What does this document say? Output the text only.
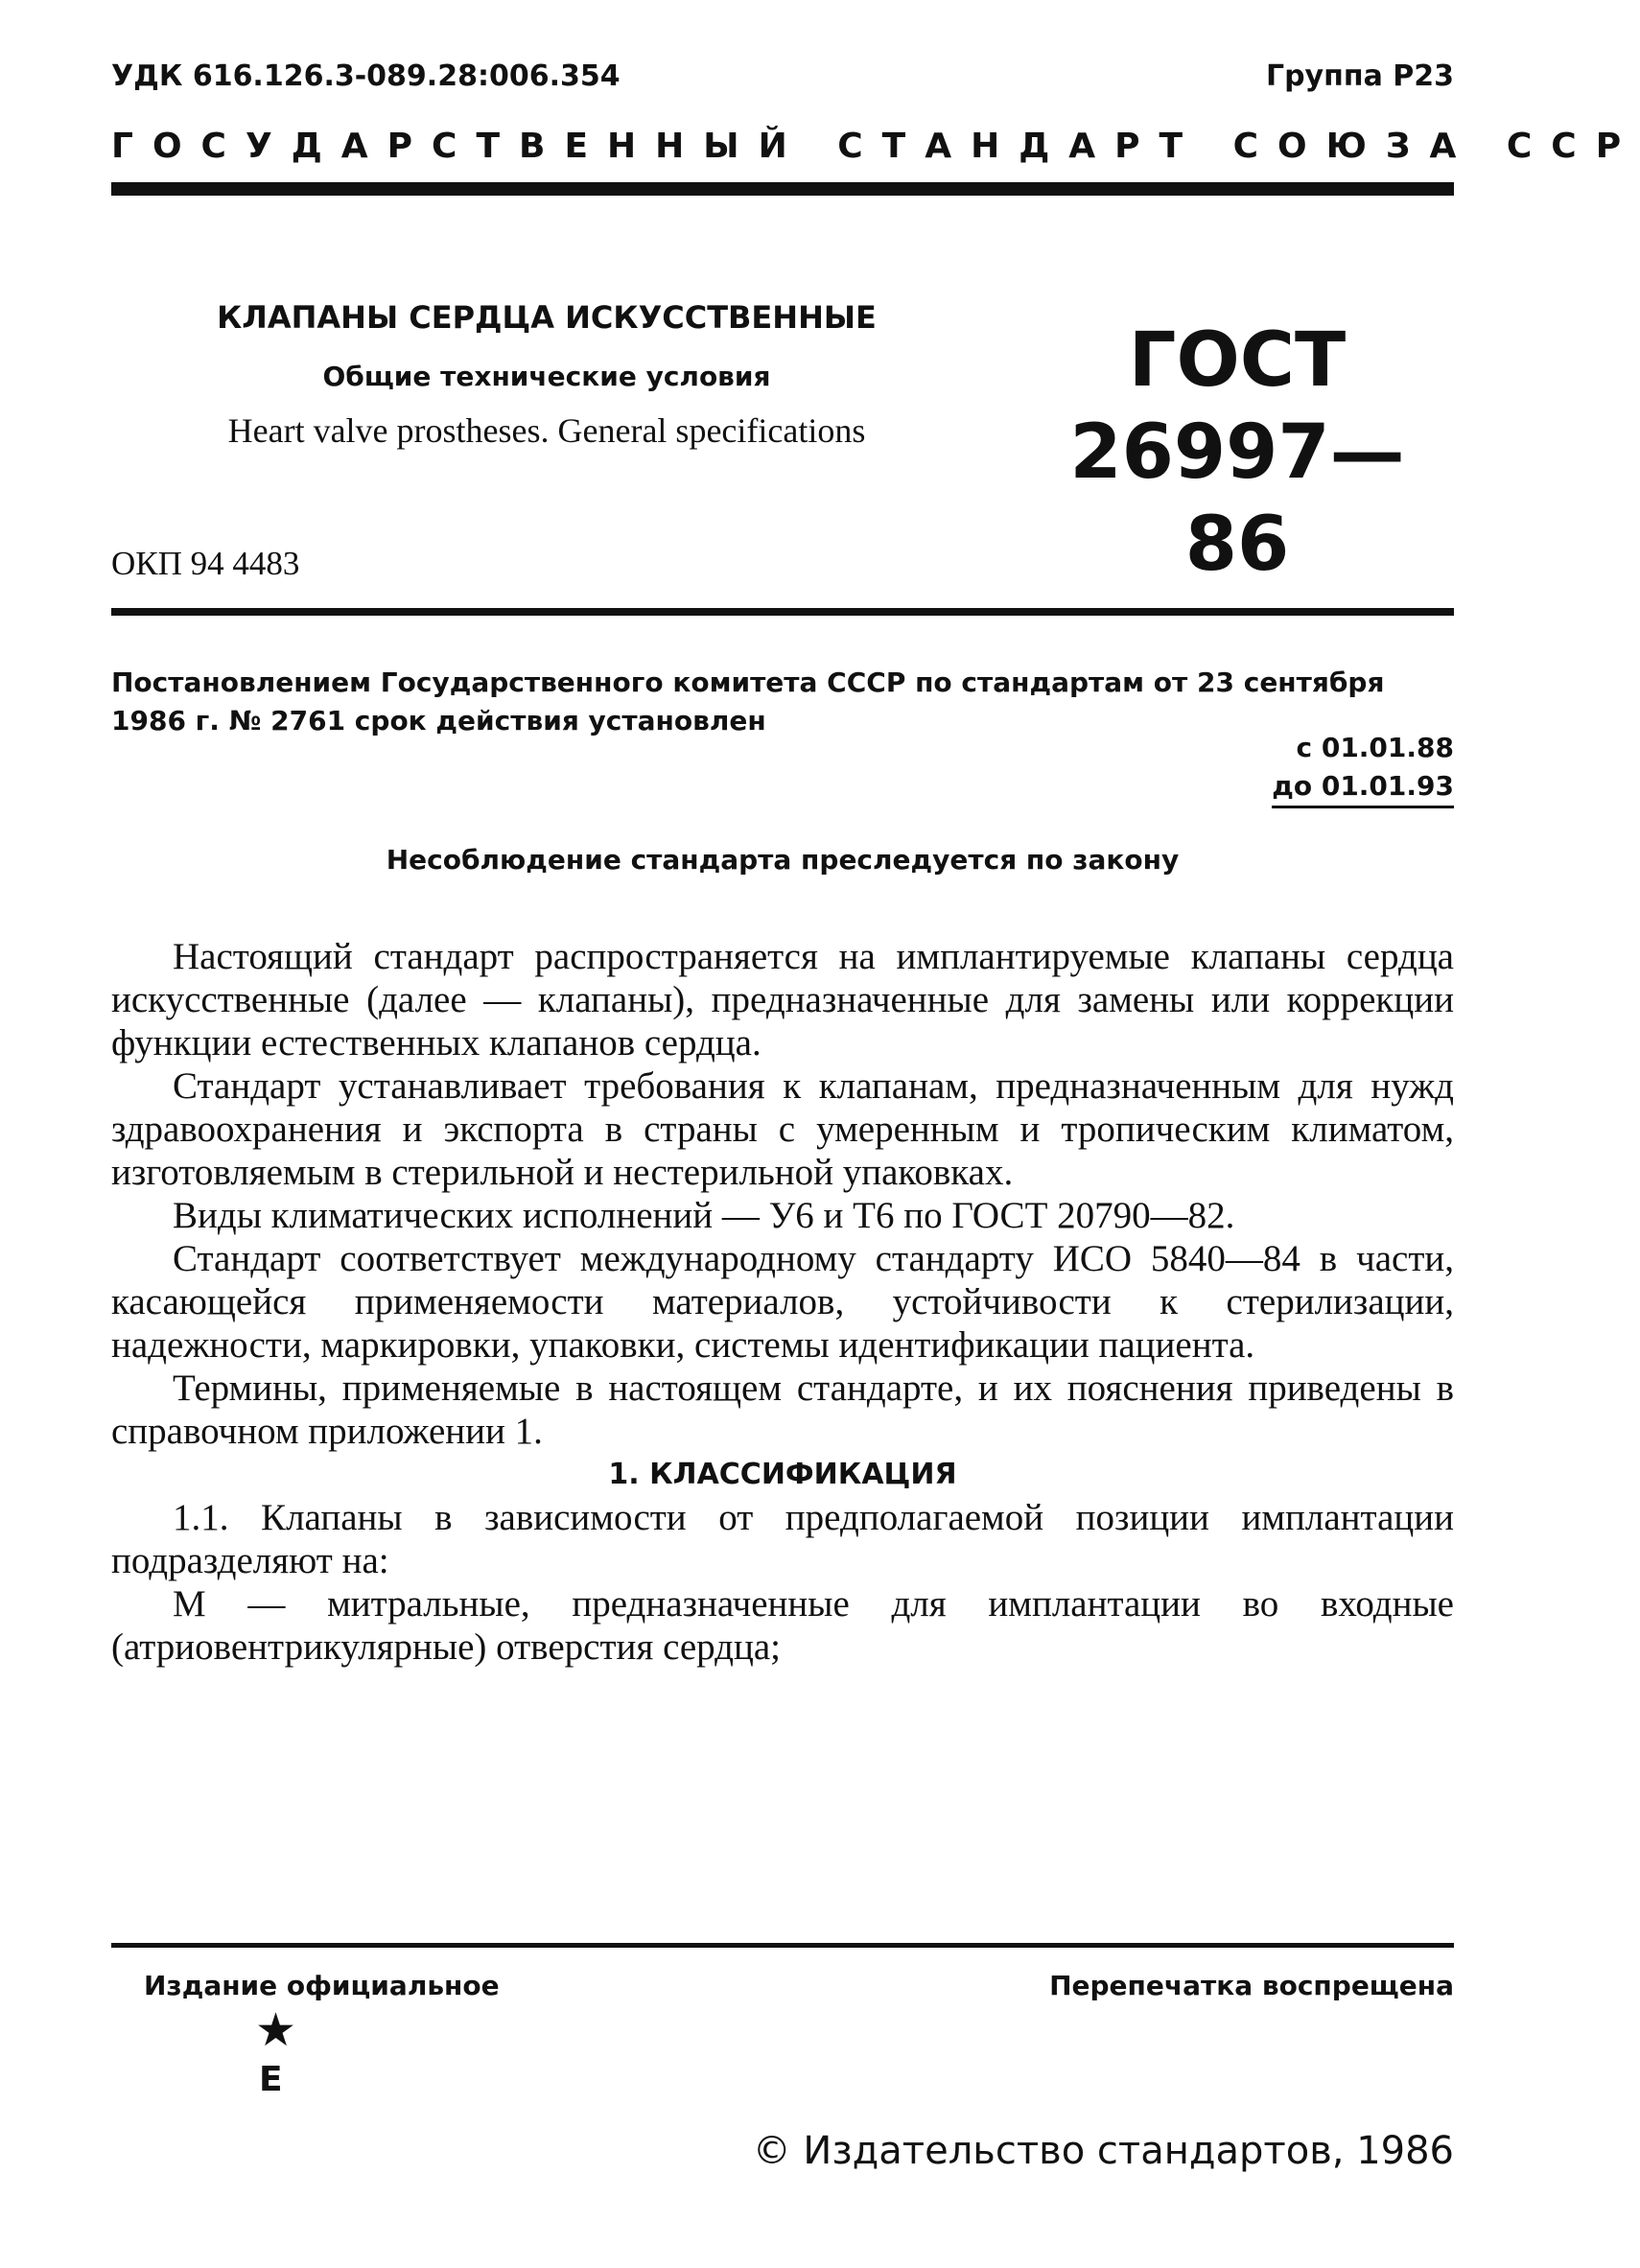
УДК 616.126.3-089.28:006.354	Группа Р23
ГОСУДАРСТВЕННЫЙ СТАНДАРТ СОЮЗА ССР
КЛАПАНЫ СЕРДЦА ИСКУССТВЕННЫЕ
Общие технические условия
Heart valve prostheses. General specifications
ГОСТ
26997—86
ОКП 94 4483
Постановлением Государственного комитета СССР по стандартам от 23 сентября 1986 г. № 2761 срок действия установлен
с 01.01.88
до 01.01.93
Несоблюдение стандарта преследуется по закону

Настоящий стандарт распространяется на имплантируемые клапаны сердца искусственные (далее — клапаны), предназначенные для замены или коррекции функции естественных клапанов сердца.

Стандарт устанавливает требования к клапанам, предназначенным для нужд здравоохранения и экспорта в страны с умеренным и тропическим климатом, изготовляемым в стерильной и нестерильной упаковках.

Виды климатических исполнений — У6 и Т6 по ГОСТ 20790—82.

Стандарт соответствует международному стандарту ИСО 5840—84 в части, касающейся применяемости материалов, устойчивости к стерилизации, надежности, маркировки, упаковки, системы идентификации пациента.

Термины, применяемые в настоящем стандарте, и их пояснения приведены в справочном приложении 1.

1. КЛАССИФИКАЦИЯ

1.1. Клапаны в зависимости от предполагаемой позиции имплантации подразделяют на:

М — митральные, предназначенные для имплантации во входные (атриовентрикулярные) отверстия сердца;

Издание официальное	Перепечатка воспрещена
★
Е
© Издательство стандартов, 1986
